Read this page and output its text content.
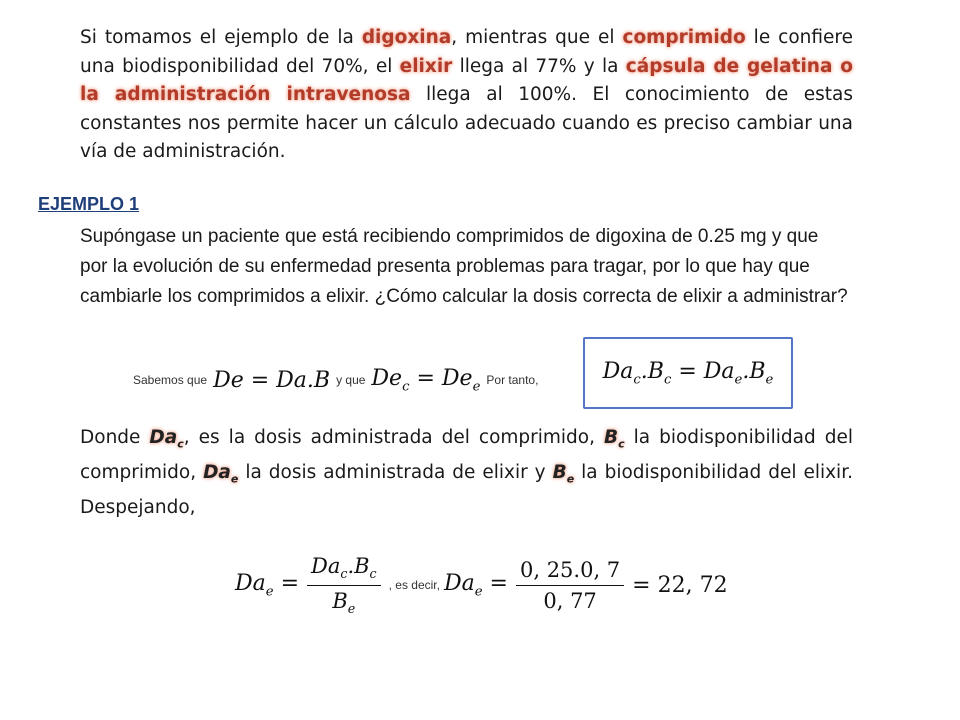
Si tomamos el ejemplo de la digoxina, mientras que el comprimido le confiere una biodisponibilidad del 70%, el elixir llega al 77% y la cápsula de gelatina o la administración intravenosa llega al 100%. El conocimiento de estas constantes nos permite hacer un cálculo adecuado cuando es preciso cambiar una vía de administración.
EJEMPLO 1
Supóngase un paciente que está recibiendo comprimidos de digoxina de 0.25 mg y que por la evolución de su enfermedad presenta problemas para tragar, por lo que hay que cambiarle los comprimidos a elixir. ¿Cómo calcular la dosis correcta de elixir a administrar?
Sabemos que De = Da.B y que $De_c = De_e$ Por tanto,	$Da_c.B_c = Da_e.B_e$
Donde $Da_c$, es la dosis administrada del comprimido, $B_c$ la biodisponibilidad del comprimido, $Da_e$ la dosis administrada de elixir y $B_e$ la biodisponibilidad del elixir. Despejando,
$Da_e = \frac{Da_c.B_c}{B_e}$ , es decir, $Da_e = \frac{0, 25.0, 7}{0, 77} = 22$, 72
